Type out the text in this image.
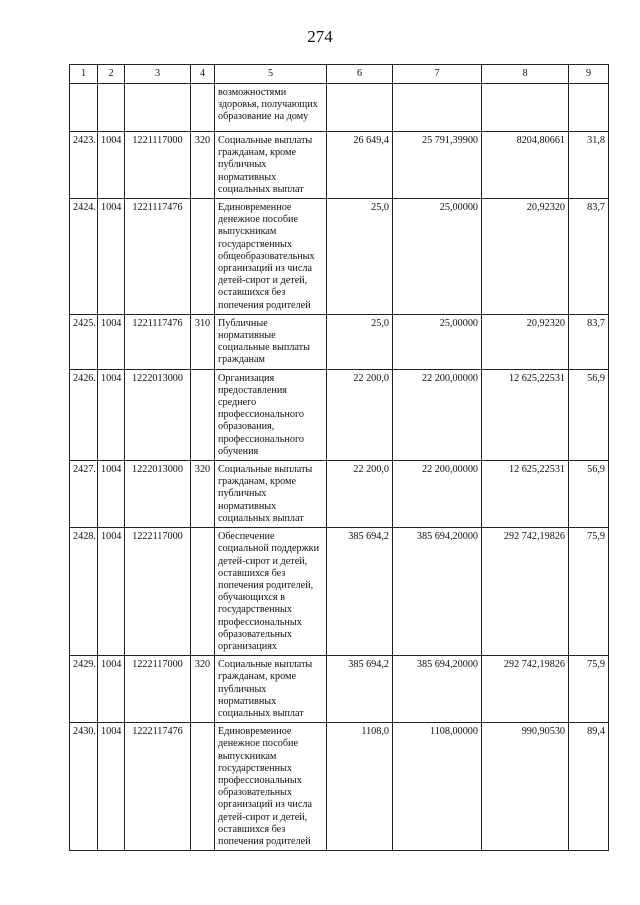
274
1	2	3	4	5	6	7	8	9
				возможностями здоровья, получающих образование на дому				
2423.	1004	1221117000	320	Социальные выплаты гражданам, кроме публичных нормативных социальных выплат	26 649,4	25 791,39900	8204,80661	31,8
2424.	1004	1221117476		Единовременное денежное пособие выпускникам государственных общеобразовательных организаций из числа детей-сирот и детей, оставшихся без попечения родителей	25,0	25,00000	20,92320	83,7
2425.	1004	1221117476	310	Публичные нормативные социальные выплаты гражданам	25,0	25,00000	20,92320	83,7
2426.	1004	1222013000		Организация предоставления среднего профессионального образования, профессионального обучения	22 200,0	22 200,00000	12 625,22531	56,9
2427.	1004	1222013000	320	Социальные выплаты гражданам, кроме публичных нормативных социальных выплат	22 200,0	22 200,00000	12 625,22531	56,9
2428.	1004	1222117000		Обеспечение социальной поддержки детей-сирот и детей, оставшихся без попечения родителей, обучающихся в государственных профессиональных образовательных организациях	385 694,2	385 694,20000	292 742,19826	75,9
2429.	1004	1222117000	320	Социальные выплаты гражданам, кроме публичных нормативных социальных выплат	385 694,2	385 694,20000	292 742,19826	75,9
2430.	1004	1222117476		Единовременное денежное пособие выпускникам государственных профессиональных образовательных организаций из числа детей-сирот и детей, оставшихся без попечения родителей	1108,0	1108,00000	990,90530	89,4
